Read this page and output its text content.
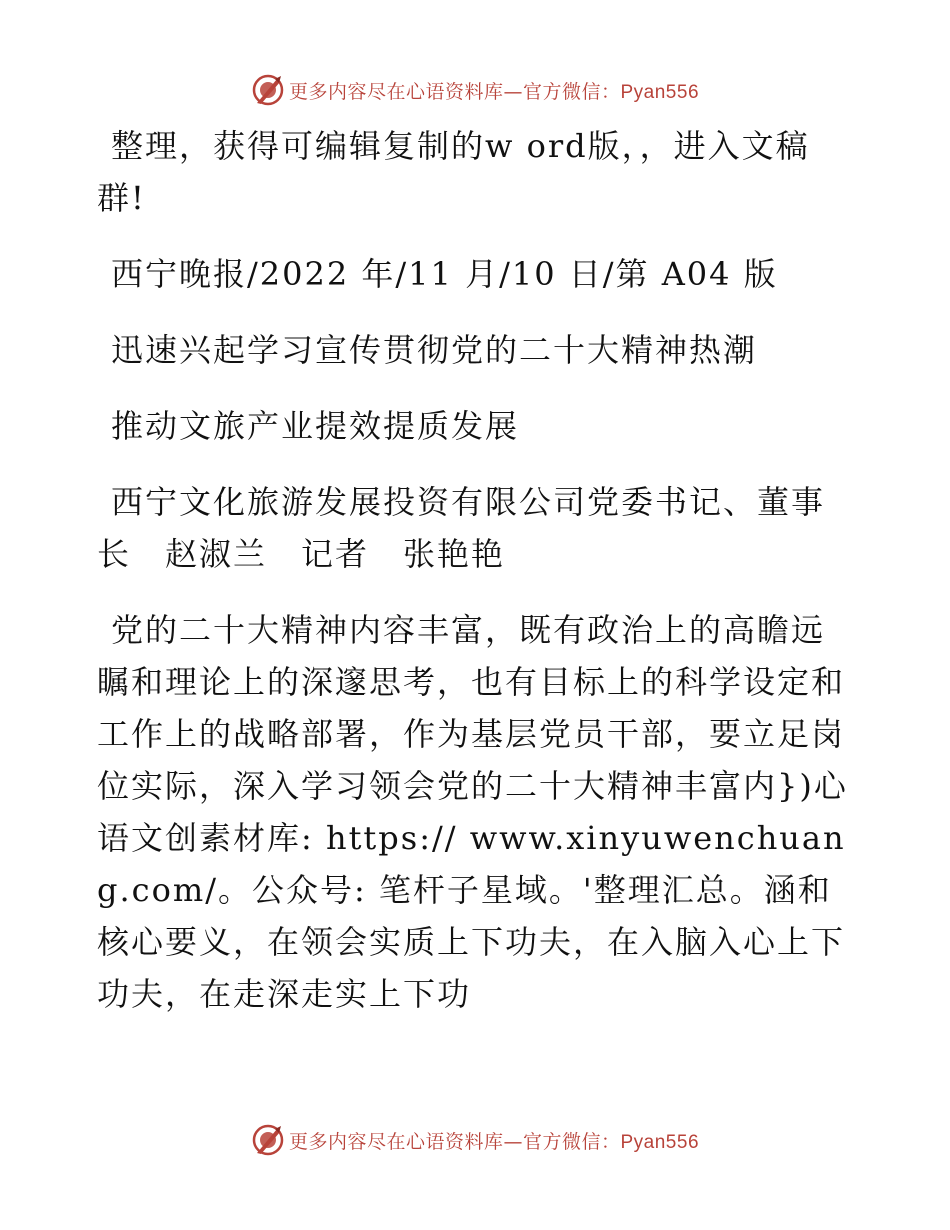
更多内容尽在心语资料库—官方微信：Pyan556

整理，获得可编辑复制的w ord版，，进入文稿群!

西宁晚报/2022 年/11 月/10 日/第 A04 版

迅速兴起学习宣传贯彻党的二十大精神热潮

推动文旅产业提效提质发展

西宁文化旅游发展投资有限公司党委书记、董事长　赵淑兰　记者　张艳艳

党的二十大精神内容丰富，既有政治上的高瞻远瞩和理论上的深邃思考，也有目标上的科学设定和工作上的战略部署，作为基层党员干部，要立足岗位实际，深入学习领会党的二十大精神丰富内})心语文创素材库: https:// www.xinyuwenchuang.com/。公众号: 笔杆子星域。'整理汇总。涵和核心要义，在领会实质上下功夫，在入脑入心上下功夫，在走深走实上下功

更多内容尽在心语资料库—官方微信：Pyan556
